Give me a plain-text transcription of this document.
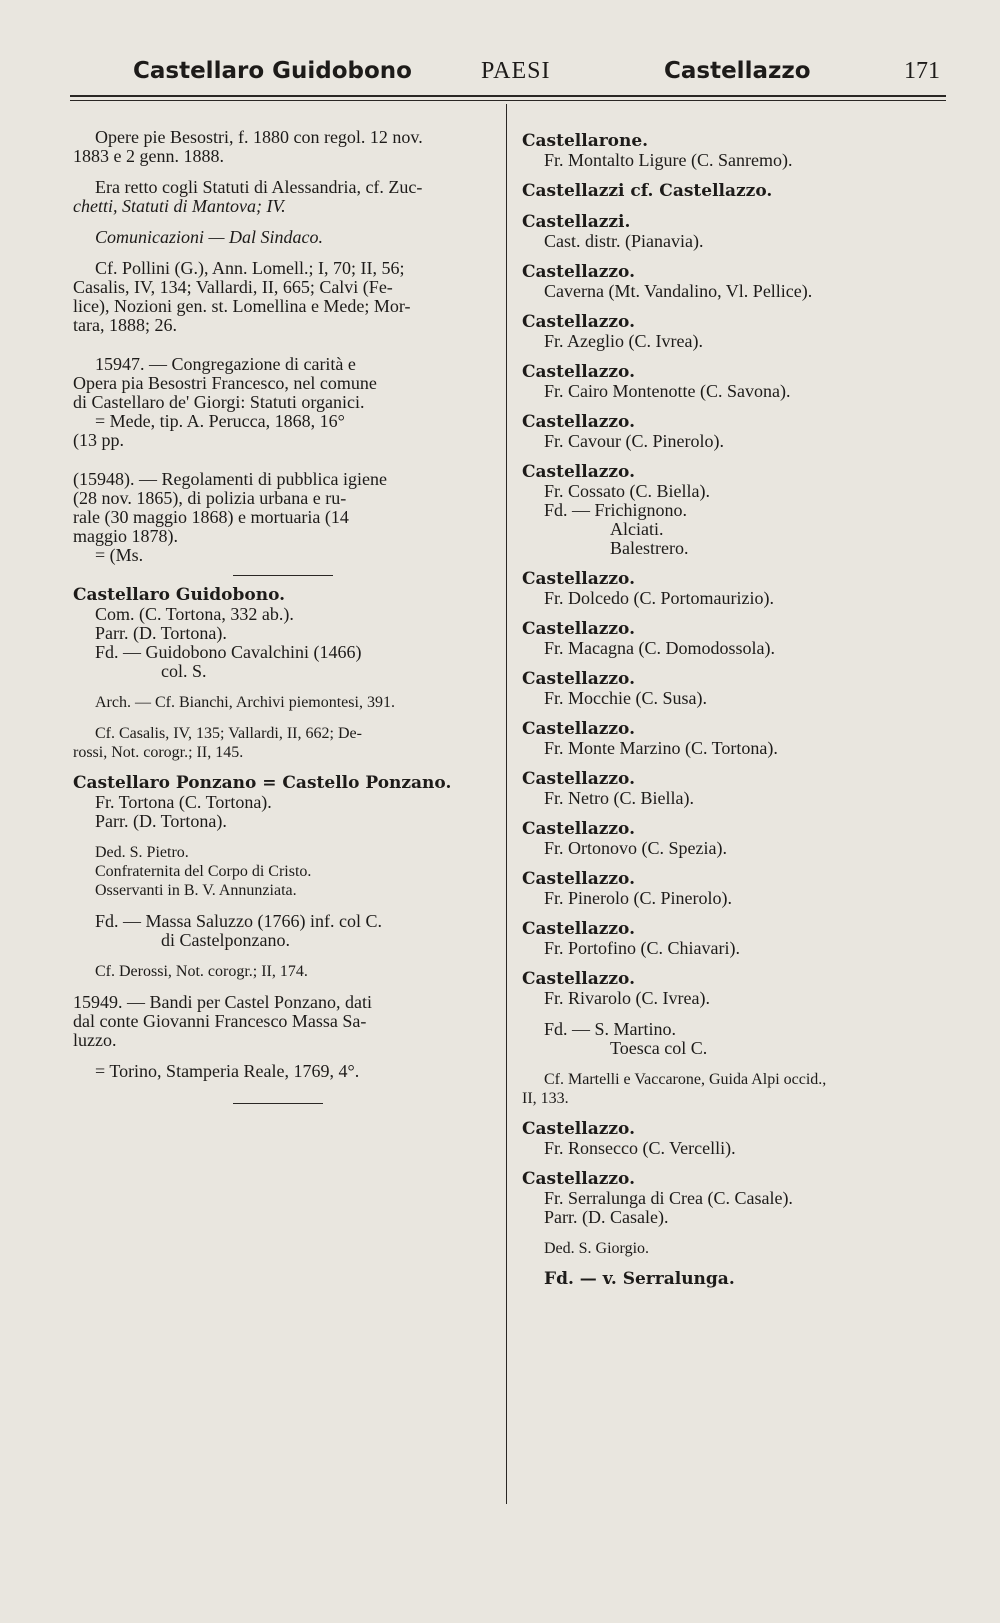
Castellaro Guidobono	PAESI	Castellazzo	171

Opere pie Besostri, f. 1880 con regol. 12 nov.

1883 e 2 genn. 1888.

Era retto cogli Statuti di Alessandria, cf. Zuc-

chetti, Statuti di Mantova; IV.

Comunicazioni — Dal Sindaco.

Cf. Pollini (G.), Ann. Lomell.; I, 70; II, 56;

Casalis, IV, 134; Vallardi, II, 665; Calvi (Fe-

lice), Nozioni gen. st. Lomellina e Mede; Mor-

tara, 1888; 26.

15947. — Congregazione di carità e

Opera pia Besostri Francesco, nel comune

di Castellaro de' Giorgi: Statuti organici.

= Mede, tip. A. Perucca, 1868, 16°

(13 pp.

(15948). — Regolamenti di pubblica igiene

(28 nov. 1865), di polizia urbana e ru-

rale (30 maggio 1868) e mortuaria (14

maggio 1878).

= (Ms.

Castellaro Guidobono.

Com. (C. Tortona, 332 ab.).

Parr. (D. Tortona).

Fd. — Guidobono Cavalchini (1466)

col. S.

Arch. — Cf. Bianchi, Archivi piemontesi, 391.

Cf. Casalis, IV, 135; Vallardi, II, 662; De-

rossi, Not. corogr.; II, 145.

Castellaro Ponzano = Castello Ponzano.

Fr. Tortona (C. Tortona).

Parr. (D. Tortona).

Ded. S. Pietro.

Confraternita del Corpo di Cristo.

Osservanti in B. V. Annunziata.

Fd. — Massa Saluzzo (1766) inf. col C.

di Castelponzano.

Cf. Derossi, Not. corogr.; II, 174.

15949. — Bandi per Castel Ponzano, dati

dal conte Giovanni Francesco Massa Sa-

luzzo.

= Torino, Stamperia Reale, 1769, 4°.

Castellarone.

Fr. Montalto Ligure (C. Sanremo).

Castellazzi cf. Castellazzo.

Castellazzi.

Cast. distr. (Pianavia).

Castellazzo.

Caverna (Mt. Vandalino, Vl. Pellice).

Castellazzo.

Fr. Azeglio (C. Ivrea).

Castellazzo.

Fr. Cairo Montenotte (C. Savona).

Castellazzo.

Fr. Cavour (C. Pinerolo).

Castellazzo.

Fr. Cossato (C. Biella).

Fd. — Frichignono.

Alciati.

Balestrero.

Castellazzo.

Fr. Dolcedo (C. Portomaurizio).

Castellazzo.

Fr. Macagna (C. Domodossola).

Castellazzo.

Fr. Mocchie (C. Susa).

Castellazzo.

Fr. Monte Marzino (C. Tortona).

Castellazzo.

Fr. Netro (C. Biella).

Castellazzo.

Fr. Ortonovo (C. Spezia).

Castellazzo.

Fr. Pinerolo (C. Pinerolo).

Castellazzo.

Fr. Portofino (C. Chiavari).

Castellazzo.

Fr. Rivarolo (C. Ivrea).

Fd. — S. Martino.

Toesca col C.

Cf. Martelli e Vaccarone, Guida Alpi occid.,

II, 133.

Castellazzo.

Fr. Ronsecco (C. Vercelli).

Castellazzo.

Fr. Serralunga di Crea (C. Casale).

Parr. (D. Casale).

Ded. S. Giorgio.

Fd. — v. Serralunga.
